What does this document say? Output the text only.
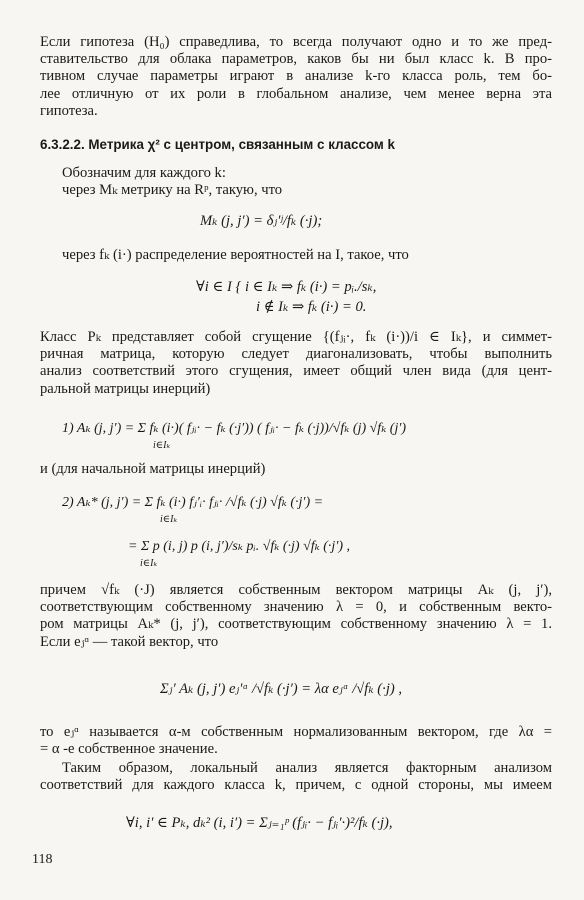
Если гипотеза (H₀) справедлива, то всегда получают одно и то же пред-
ставительство для облака параметров, каков бы ни был класс k. В про-
тивном случае параметры играют в анализе k-го класса роль, тем бо-
лее отличную от их роли в глобальном анализе, чем менее верна эта
гипотеза.
6.3.2.2. Метрика χ² с центром, связанным с классом k
Обозначим для каждого k:
через Mₖ метрику на Rᵖ, такую, что
Mₖ (j, j′) = δⱼ′ʲ/fₖ (·j);
через fₖ (i·) распределение вероятностей на I, такое, что
∀i ∈ I { i ∈ Iₖ ⇒ fₖ (i·) = pᵢ./sₖ,
i ∉ Iₖ ⇒ fₖ (i·) = 0.
Класс Pₖ представляет собой сгущение {(fⱼᵢ·, fₖ (i·))/i ∈ Iₖ}, и симмет-
ричная матрица, которую следует диагонализовать, чтобы выполнить
анализ соответствий этого сгущения, имеет общий член вида (для цент-
ральной матрицы инерций)
1) Aₖ (j, j′) = Σ fₖ (i·)( fⱼᵢ· − fₖ (·j′)) ( fⱼᵢ· − fₖ (·j))/√fₖ (j) √fₖ (j′)
i∈Iₖ
и (для начальной матрицы инерций)
2) Aₖ* (j, j′) = Σ fₖ (i·) fⱼ′ᵢ· fⱼᵢ· /√fₖ (·j) √fₖ (·j′) =
i∈Iₖ
= Σ p (i, j) p (i, j′)/sₖ pᵢ. √fₖ (·j) √fₖ (·j′) ,
i∈Iₖ
причем √fₖ (·J) является собственным вектором матрицы Aₖ (j, j′),
соответствующим собственному значению λ = 0, и собственным векто-
ром матрицы Aₖ* (j, j′), соответствующим собственному значению λ = 1.
Если eⱼᵅ — такой вектор, что
Σⱼ′ Aₖ (j, j′) eⱼ′ᵅ /√fₖ (·j′) = λα eⱼᵅ /√fₖ (·j) ,
то eⱼᵅ называется α-м собственным нормализованным вектором, где λα =
= α -е собственное значение.
Таким образом, локальный анализ является факторным анализом
соответствий для каждого класса k, причем, с одной стороны, мы имеем
∀i, i′ ∈ Pₖ, dₖ² (i, i′) = Σⱼ₌₁ᵖ (fⱼᵢ· − fⱼᵢ′·)²/fₖ (·j),
118
